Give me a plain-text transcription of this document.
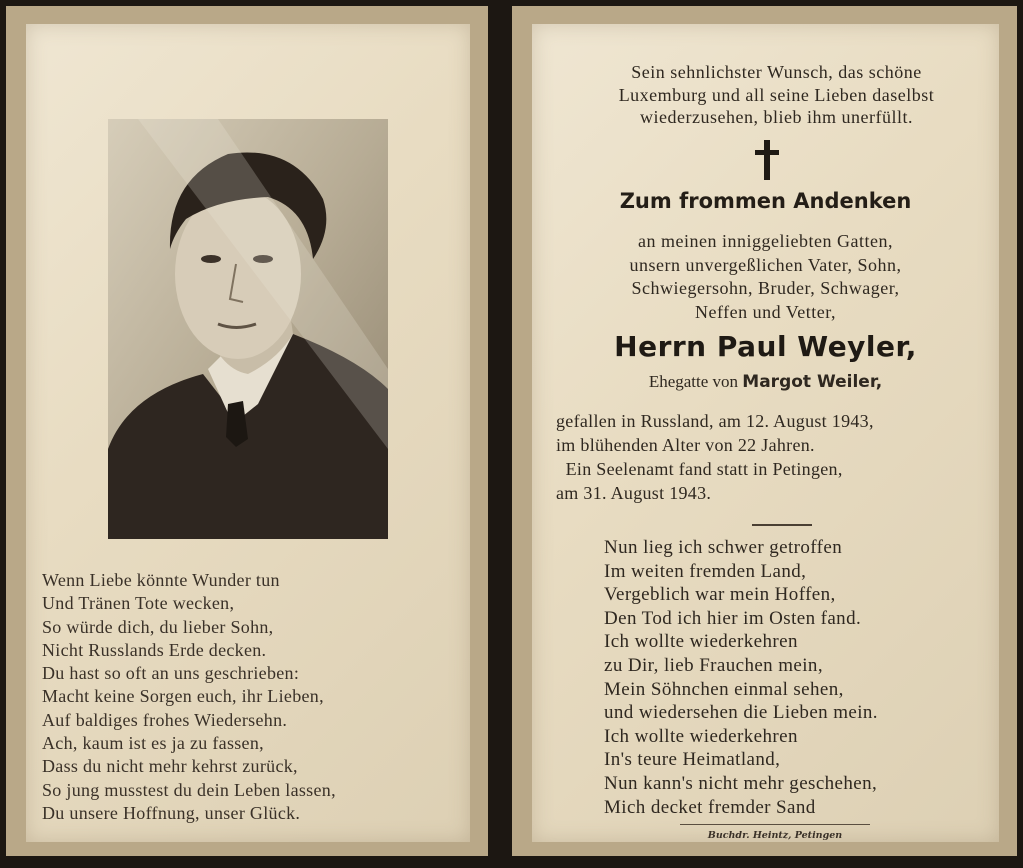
Wenn Liebe könnte Wunder tun
Und Tränen Tote wecken,
So würde dich, du lieber Sohn,
Nicht Russlands Erde decken.
Du hast so oft an uns geschrieben:
Macht keine Sorgen euch, ihr Lieben,
Auf baldiges frohes Wiedersehn.
Ach, kaum ist es ja zu fassen,
Dass du nicht mehr kehrst zurück,
So jung musstest du dein Leben lassen,
Du unsere Hoffnung, unser Glück.
Sein sehnlichster Wunsch, das schöne
Luxemburg und all seine Lieben daselbst
wiederzusehen, blieb ihm unerfüllt.
Zum frommen Andenken
an meinen inniggeliebten Gatten,
unsern unvergeßlichen Vater, Sohn,
Schwiegersohn, Bruder, Schwager,
Neffen und Vetter,
Herrn Paul Weyler,
Ehegatte von Margot Weiler,
gefallen in Russland, am 12. August 1943,
im blühenden Alter von 22 Jahren.
Ein Seelenamt fand statt in Petingen,
am 31. August 1943.
Nun lieg ich schwer getroffen
Im weiten fremden Land,
Vergeblich war mein Hoffen,
Den Tod ich hier im Osten fand.
Ich wollte wiederkehren
zu Dir, lieb Frauchen mein,
Mein Söhnchen einmal sehen,
und wiedersehen die Lieben mein.
Ich wollte wiederkehren
In's teure Heimatland,
Nun kann's nicht mehr geschehen,
Mich decket fremder Sand
Buchdr. Heintz, Petingen
